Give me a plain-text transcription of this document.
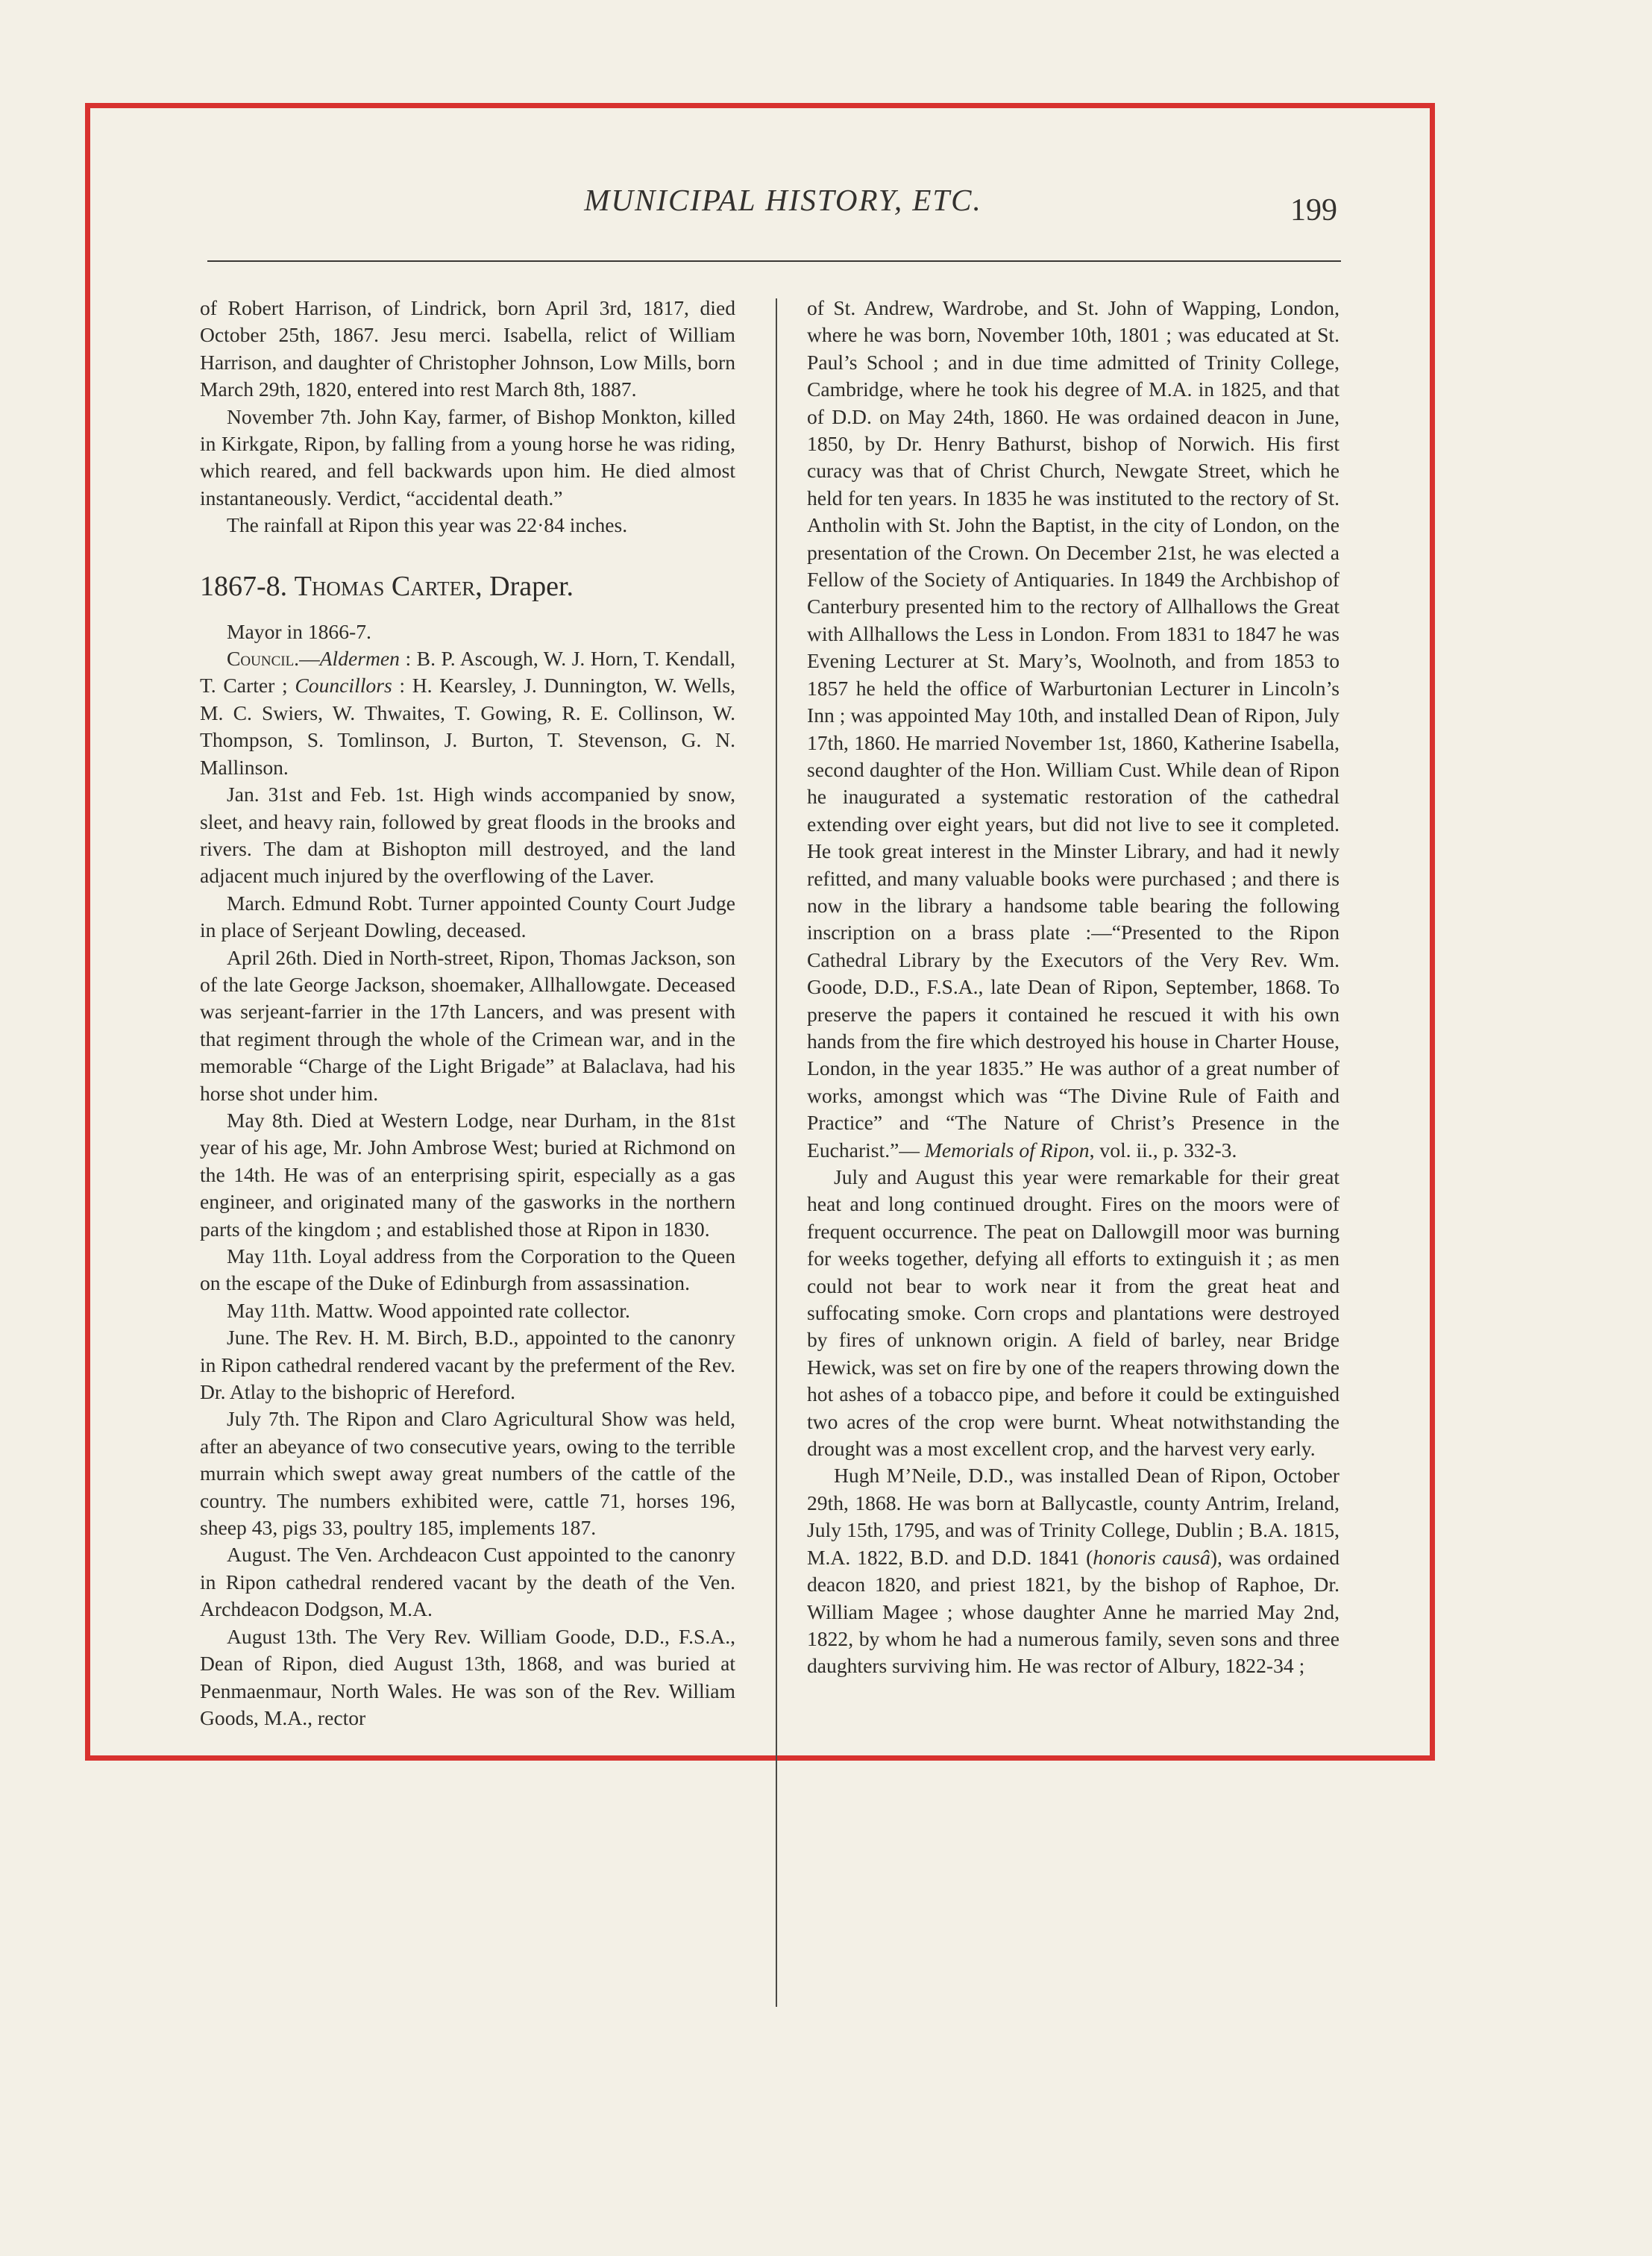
MUNICIPAL HISTORY, ETC.	199

of Robert Harrison, of Lindrick, born April 3rd, 1817, died October 25th, 1867. Jesu merci. Isabella, relict of William Harrison, and daughter of Christopher Johnson, Low Mills, born March 29th, 1820, entered into rest March 8th, 1887.

November 7th. John Kay, farmer, of Bishop Monkton, killed in Kirkgate, Ripon, by falling from a young horse he was riding, which reared, and fell backwards upon him. He died almost instantaneously. Verdict, “accidental death.”

The rainfall at Ripon this year was 22·84 inches.

1867-8. Thomas Carter, Draper.

Mayor in 1866-7.

Council.—Aldermen : B. P. Ascough, W. J. Horn, T. Kendall, T. Carter ; Councillors : H. Kearsley, J. Dunnington, W. Wells, M. C. Swiers, W. Thwaites, T. Gowing, R. E. Collinson, W. Thompson, S. Tomlinson, J. Burton, T. Stevenson, G. N. Mallinson.

Jan. 31st and Feb. 1st. High winds accompanied by snow, sleet, and heavy rain, followed by great floods in the brooks and rivers. The dam at Bishopton mill destroyed, and the land adjacent much injured by the overflowing of the Laver.

March. Edmund Robt. Turner appointed County Court Judge in place of Serjeant Dowling, deceased.

April 26th. Died in North-street, Ripon, Thomas Jackson, son of the late George Jackson, shoemaker, Allhallowgate. Deceased was serjeant-farrier in the 17th Lancers, and was present with that regiment through the whole of the Crimean war, and in the memorable “Charge of the Light Brigade” at Balaclava, had his horse shot under him.

May 8th. Died at Western Lodge, near Durham, in the 81st year of his age, Mr. John Ambrose West; buried at Richmond on the 14th. He was of an enterprising spirit, especially as a gas engineer, and originated many of the gasworks in the northern parts of the kingdom ; and established those at Ripon in 1830.

May 11th. Loyal address from the Corporation to the Queen on the escape of the Duke of Edinburgh from assassination.

May 11th. Mattw. Wood appointed rate collector.

June. The Rev. H. M. Birch, B.D., appointed to the canonry in Ripon cathedral rendered vacant by the preferment of the Rev. Dr. Atlay to the bishopric of Hereford.

July 7th. The Ripon and Claro Agricultural Show was held, after an abeyance of two consecutive years, owing to the terrible murrain which swept away great numbers of the cattle of the country. The numbers exhibited were, cattle 71, horses 196, sheep 43, pigs 33, poultry 185, implements 187.

August. The Ven. Archdeacon Cust appointed to the canonry in Ripon cathedral rendered vacant by the death of the Ven. Archdeacon Dodgson, M.A.

August 13th. The Very Rev. William Goode, D.D., F.S.A., Dean of Ripon, died August 13th, 1868, and was buried at Penmaenmaur, North Wales. He was son of the Rev. William Goods, M.A., rector

of St. Andrew, Wardrobe, and St. John of Wapping, London, where he was born, November 10th, 1801 ; was educated at St. Paul’s School ; and in due time admitted of Trinity College, Cambridge, where he took his degree of M.A. in 1825, and that of D.D. on May 24th, 1860. He was ordained deacon in June, 1850, by Dr. Henry Bathurst, bishop of Norwich. His first curacy was that of Christ Church, Newgate Street, which he held for ten years. In 1835 he was instituted to the rectory of St. Antholin with St. John the Baptist, in the city of London, on the presentation of the Crown. On December 21st, he was elected a Fellow of the Society of Antiquaries. In 1849 the Archbishop of Canterbury presented him to the rectory of Allhallows the Great with Allhallows the Less in London. From 1831 to 1847 he was Evening Lecturer at St. Mary’s, Woolnoth, and from 1853 to 1857 he held the office of Warburtonian Lecturer in Lincoln’s Inn ; was appointed May 10th, and installed Dean of Ripon, July 17th, 1860. He married November 1st, 1860, Katherine Isabella, second daughter of the Hon. William Cust. While dean of Ripon he inaugurated a systematic restoration of the cathedral extending over eight years, but did not live to see it completed. He took great interest in the Minster Library, and had it newly refitted, and many valuable books were purchased ; and there is now in the library a handsome table bearing the following inscription on a brass plate :—“Presented to the Ripon Cathedral Library by the Executors of the Very Rev. Wm. Goode, D.D., F.S.A., late Dean of Ripon, September, 1868. To preserve the papers it contained he rescued it with his own hands from the fire which destroyed his house in Charter House, London, in the year 1835.” He was author of a great number of works, amongst which was “The Divine Rule of Faith and Practice” and “The Nature of Christ’s Presence in the Eucharist.”— Memorials of Ripon, vol. ii., p. 332-3.

July and August this year were remarkable for their great heat and long continued drought. Fires on the moors were of frequent occurrence. The peat on Dallowgill moor was burning for weeks together, defying all efforts to extinguish it ; as men could not bear to work near it from the great heat and suffocating smoke. Corn crops and plantations were destroyed by fires of unknown origin. A field of barley, near Bridge Hewick, was set on fire by one of the reapers throwing down the hot ashes of a tobacco pipe, and before it could be extinguished two acres of the crop were burnt. Wheat notwithstanding the drought was a most excellent crop, and the harvest very early.

Hugh M’Neile, D.D., was installed Dean of Ripon, October 29th, 1868. He was born at Ballycastle, county Antrim, Ireland, July 15th, 1795, and was of Trinity College, Dublin ; B.A. 1815, M.A. 1822, B.D. and D.D. 1841 (honoris causâ), was ordained deacon 1820, and priest 1821, by the bishop of Raphoe, Dr. William Magee ; whose daughter Anne he married May 2nd, 1822, by whom he had a numerous family, seven sons and three daughters surviving him. He was rector of Albury, 1822-34 ;
